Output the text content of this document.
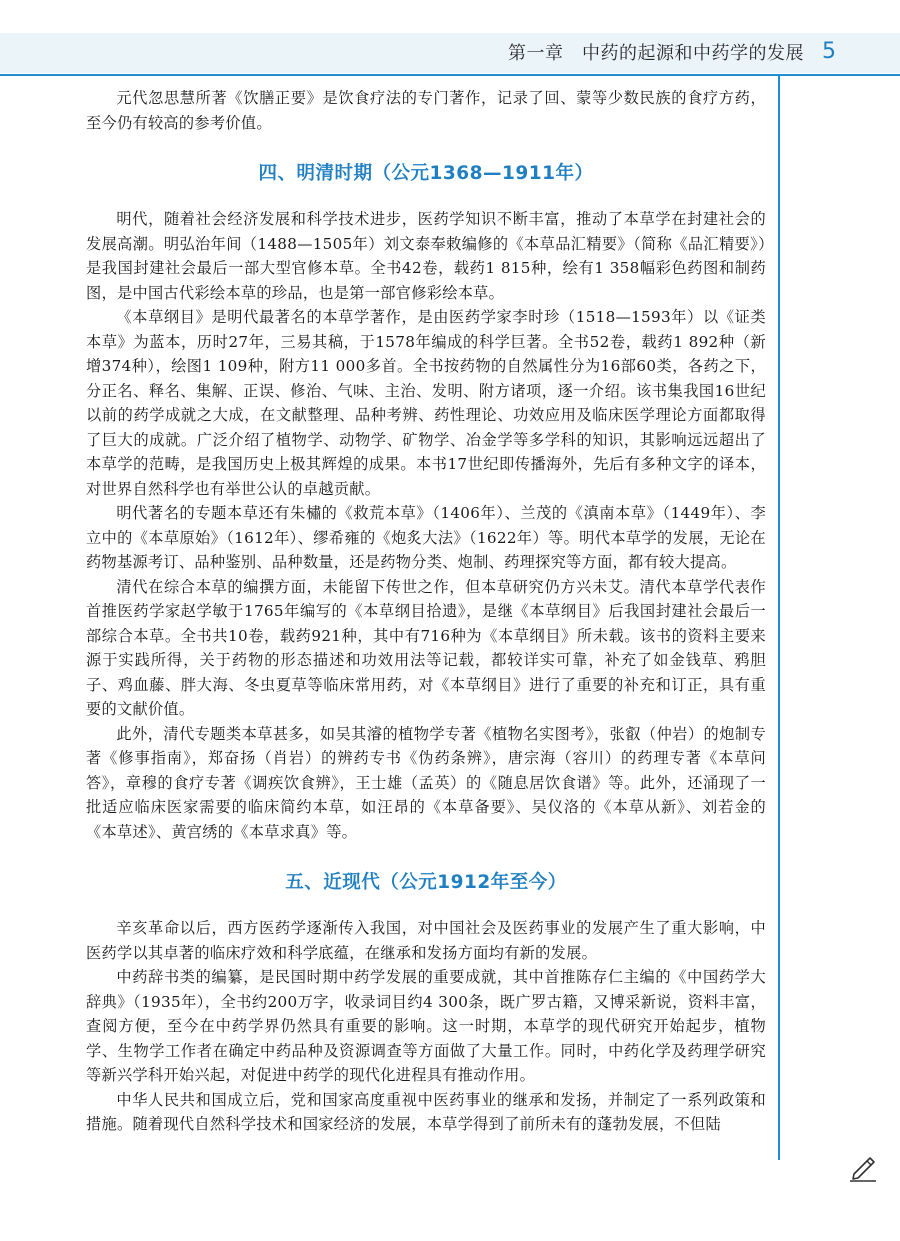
第一章　中药的起源和中药学的发展 5

元代忽思慧所著《饮膳正要》是饮食疗法的专门著作，记录了回、蒙等少数民族的食疗方药，至今仍有较高的参考价值。

四、明清时期（公元1368—1911年）

明代，随着社会经济发展和科学技术进步，医药学知识不断丰富，推动了本草学在封建社会的发展高潮。明弘治年间（1488—1505年）刘文泰奉敕编修的《本草品汇精要》（简称《品汇精要》）是我国封建社会最后一部大型官修本草。全书42卷，载药1 815种，绘有1 358幅彩色药图和制药图，是中国古代彩绘本草的珍品，也是第一部官修彩绘本草。

《本草纲目》是明代最著名的本草学著作，是由医药学家李时珍（1518—1593年）以《证类本草》为蓝本，历时27年，三易其稿，于1578年编成的科学巨著。全书52卷，载药1 892种（新增374种），绘图1 109种，附方11 000多首。全书按药物的自然属性分为16部60类，各药之下，分正名、释名、集解、正误、修治、气味、主治、发明、附方诸项，逐一介绍。该书集我国16世纪以前的药学成就之大成，在文献整理、品种考辨、药性理论、功效应用及临床医学理论方面都取得了巨大的成就。广泛介绍了植物学、动物学、矿物学、冶金学等多学科的知识，其影响远远超出了本草学的范畴，是我国历史上极其辉煌的成果。本书17世纪即传播海外，先后有多种文字的译本，对世界自然科学也有举世公认的卓越贡献。

明代著名的专题本草还有朱橚的《救荒本草》（1406年）、兰茂的《滇南本草》（1449年）、李立中的《本草原始》（1612年）、缪希雍的《炮炙大法》（1622年）等。明代本草学的发展，无论在药物基源考订、品种鉴别、品种数量，还是药物分类、炮制、药理探究等方面，都有较大提高。

清代在综合本草的编撰方面，未能留下传世之作，但本草研究仍方兴未艾。清代本草学代表作首推医药学家赵学敏于1765年编写的《本草纲目拾遗》，是继《本草纲目》后我国封建社会最后一部综合本草。全书共10卷，载药921种，其中有716种为《本草纲目》所未载。该书的资料主要来源于实践所得，关于药物的形态描述和功效用法等记载，都较详实可靠，补充了如金钱草、鸦胆子、鸡血藤、胖大海、冬虫夏草等临床常用药，对《本草纲目》进行了重要的补充和订正，具有重要的文献价值。

此外，清代专题类本草甚多，如吴其濬的植物学专著《植物名实图考》，张叡（仲岩）的炮制专著《修事指南》，郑奋扬（肖岩）的辨药专书《伪药条辨》，唐宗海（容川）的药理专著《本草问答》，章穆的食疗专著《调疾饮食辨》，王士雄（孟英）的《随息居饮食谱》等。此外，还涌现了一批适应临床医家需要的临床简约本草，如汪昂的《本草备要》、吴仪洛的《本草从新》、刘若金的《本草述》、黄宫绣的《本草求真》等。

五、近现代（公元1912年至今）

辛亥革命以后，西方医药学逐渐传入我国，对中国社会及医药事业的发展产生了重大影响，中医药学以其卓著的临床疗效和科学底蕴，在继承和发扬方面均有新的发展。

中药辞书类的编纂，是民国时期中药学发展的重要成就，其中首推陈存仁主编的《中国药学大辞典》（1935年），全书约200万字，收录词目约4 300条，既广罗古籍，又博采新说，资料丰富，查阅方便，至今在中药学界仍然具有重要的影响。这一时期，本草学的现代研究开始起步，植物学、生物学工作者在确定中药品种及资源调查等方面做了大量工作。同时，中药化学及药理学研究等新兴学科开始兴起，对促进中药学的现代化进程具有推动作用。

中华人民共和国成立后，党和国家高度重视中医药事业的继承和发扬，并制定了一系列政策和措施。随着现代自然科学技术和国家经济的发展，本草学得到了前所未有的蓬勃发展，不但陆
